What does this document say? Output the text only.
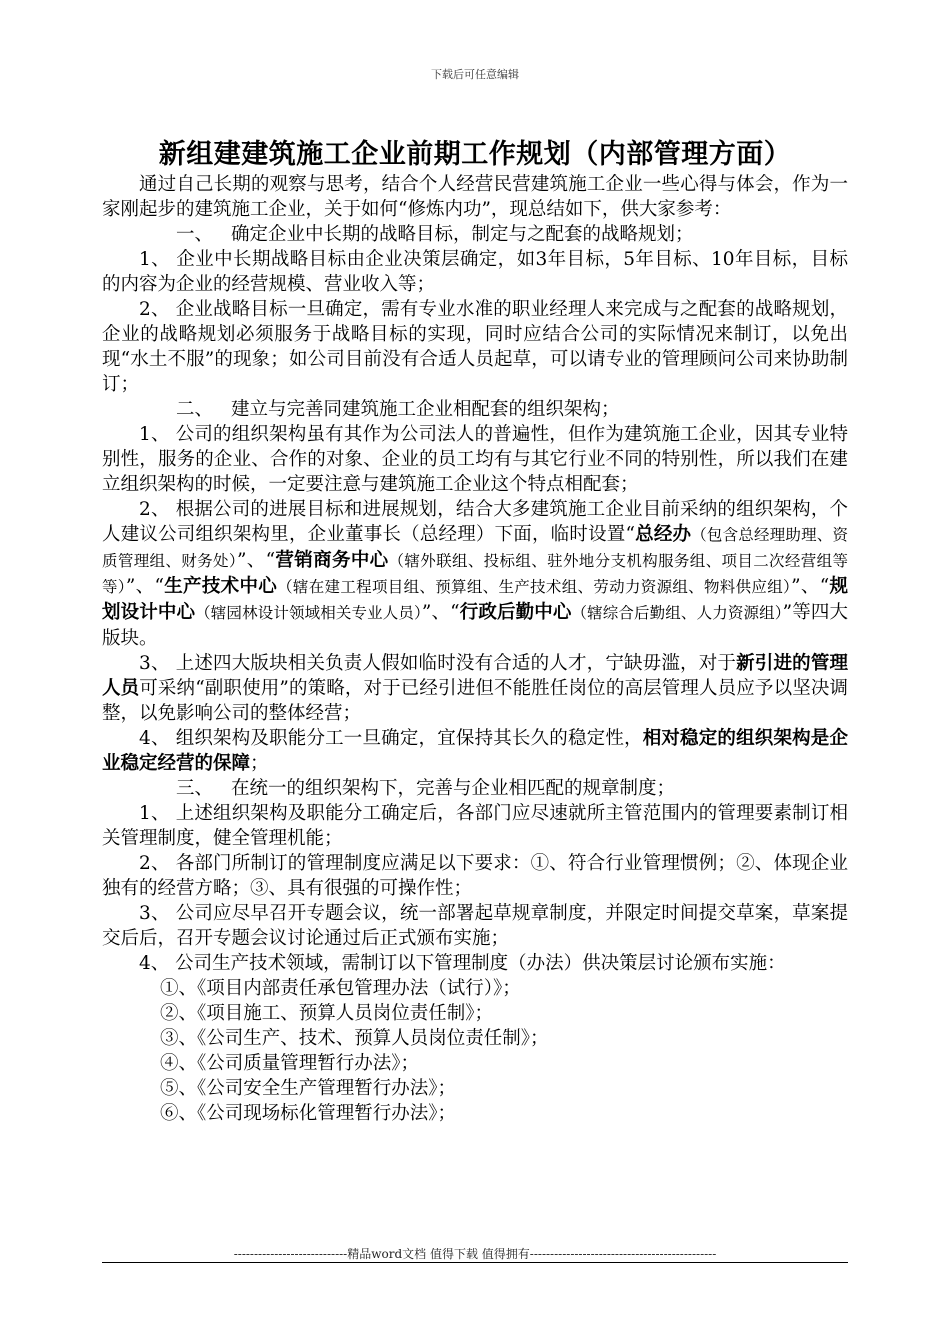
下载后可任意编辑
新组建建筑施工企业前期工作规划（内部管理方面）

通过自己长期的观察与思考，结合个人经营民营建筑施工企业一些心得与体会，作为一家刚起步的建筑施工企业，关于如何“修炼内功”，现总结如下，供大家参考：

一、 确定企业中长期的战略目标，制定与之配套的战略规划；

1、 企业中长期战略目标由企业决策层确定，如3年目标，5年目标、10年目标，目标的内容为企业的经营规模、营业收入等；

2、 企业战略目标一旦确定，需有专业水准的职业经理人来完成与之配套的战略规划，企业的战略规划必须服务于战略目标的实现，同时应结合公司的实际情况来制订，以免出现“水土不服”的现象；如公司目前没有合适人员起草，可以请专业的管理顾问公司来协助制订；

二、 建立与完善同建筑施工企业相配套的组织架构；

1、 公司的组织架构虽有其作为公司法人的普遍性，但作为建筑施工企业，因其专业特别性，服务的企业、合作的对象、企业的员工均有与其它行业不同的特别性，所以我们在建立组织架构的时候，一定要注意与建筑施工企业这个特点相配套；

2、 根据公司的进展目标和进展规划，结合大多建筑施工企业目前采纳的组织架构，个人建议公司组织架构里，企业董事长（总经理）下面，临时设置“总经办（包含总经理助理、资质管理组、财务处）”、“营销商务中心（辖外联组、投标组、驻外地分支机构服务组、项目二次经营组等等）”、“生产技术中心（辖在建工程项目组、预算组、生产技术组、劳动力资源组、物料供应组）”、“规划设计中心（辖园林设计领域相关专业人员）”、“行政后勤中心（辖综合后勤组、人力资源组）”等四大版块。

3、 上述四大版块相关负责人假如临时没有合适的人才，宁缺毋滥，对于新引进的管理人员可采纳“副职使用”的策略，对于已经引进但不能胜任岗位的高层管理人员应予以坚决调整，以免影响公司的整体经营；

4、 组织架构及职能分工一旦确定，宜保持其长久的稳定性，相对稳定的组织架构是企业稳定经营的保障；

三、 在统一的组织架构下，完善与企业相匹配的规章制度；

1、 上述组织架构及职能分工确定后，各部门应尽速就所主管范围内的管理要素制订相关管理制度，健全管理机能；

2、 各部门所制订的管理制度应满足以下要求：①、符合行业管理惯例；②、体现企业独有的经营方略；③、具有很强的可操作性；

3、 公司应尽早召开专题会议，统一部署起草规章制度，并限定时间提交草案，草案提交后后，召开专题会议讨论通过后正式颁布实施；

4、 公司生产技术领域，需制订以下管理制度（办法）供决策层讨论颁布实施：

①、《项目内部责任承包管理办法（试行）》；

②、《项目施工、预算人员岗位责任制》；

③、《公司生产、技术、预算人员岗位责任制》；

④、《公司质量管理暂行办法》；

⑤、《公司安全生产管理暂行办法》；

⑥、《公司现场标化管理暂行办法》；

----------------------------精品word文档 值得下载 值得拥有----------------------------------------------
